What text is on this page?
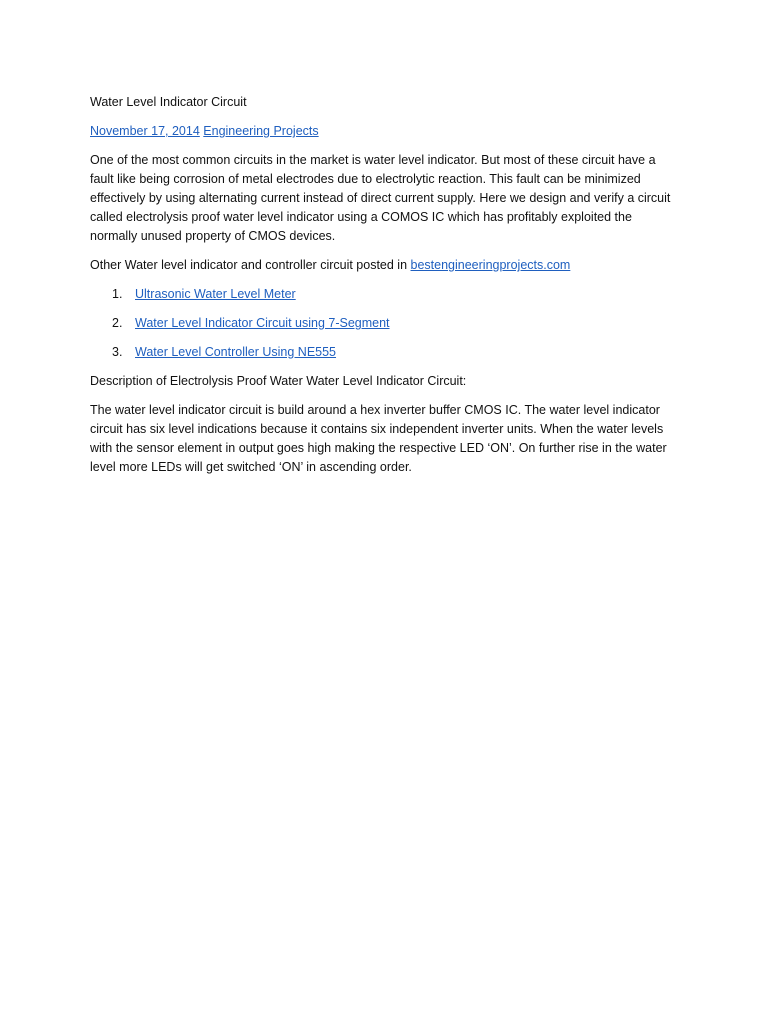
Water Level Indicator Circuit
November 17, 2014 Engineering Projects

One of the most common circuits in the market is water level indicator. But most of these circuit have a fault like being corrosion of metal electrodes due to electrolytic reaction. This fault can be minimized effectively by using alternating current instead of direct current supply. Here we design and verify a circuit called electrolysis proof water level indicator using a COMOS IC which has profitably exploited the normally unused property of CMOS devices.

Other Water level indicator and controller circuit posted in bestengineeringprojects.com

1.	Ultrasonic Water Level Meter
2.	Water Level Indicator Circuit using 7-Segment
3.	Water Level Controller Using NE555

Description of Electrolysis Proof Water Water Level Indicator Circuit:

The water level indicator circuit is build around a hex inverter buffer CMOS IC. The water level indicator circuit has six level indications because it contains six independent inverter units. When the water levels with the sensor element in output goes high making the respective LED ‘ON’. On further rise in the water level more LEDs will get switched ‘ON’ in ascending order.
